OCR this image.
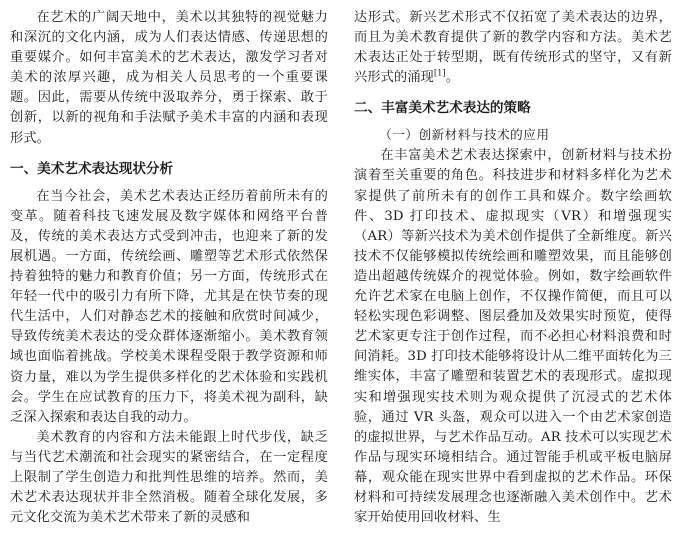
在艺术的广阔天地中，美术以其独特的视觉魅力和深沉的文化内涵，成为人们表达情感、传递思想的重要媒介。如何丰富美术的艺术表达，激发学习者对美术的浓厚兴趣，成为相关人员思考的一个重要课题。因此，需要从传统中汲取养分，勇于探索、敢于创新，以新的视角和手法赋予美术丰富的内涵和表现形式。

一、美术艺术表达现状分析

在当今社会，美术艺术表达正经历着前所未有的变革。随着科技飞速发展及数字媒体和网络平台普及，传统的美术表达方式受到冲击，也迎来了新的发展机遇。一方面，传统绘画、雕塑等艺术形式依然保持着独特的魅力和教育价值；另一方面，传统形式在年轻一代中的吸引力有所下降，尤其是在快节奏的现代生活中，人们对静态艺术的接触和欣赏时间减少，导致传统美术表达的受众群体逐渐缩小。美术教育领域也面临着挑战。学校美术课程受限于教学资源和师资力量，难以为学生提供多样化的艺术体验和实践机会。学生在应试教育的压力下，将美术视为副科，缺乏深入探索和表达自我的动力。

美术教育的内容和方法未能跟上时代步伐，缺乏与当代艺术潮流和社会现实的紧密结合，在一定程度上限制了学生创造力和批判性思维的培养。然而，美术艺术表达现状并非全然消极。随着全球化发展，多元文化交流为美术艺术带来了新的灵感和

达形式。新兴艺术形式不仅拓宽了美术表达的边界，而且为美术教育提供了新的教学内容和方法。美术艺术表达正处于转型期，既有传统形式的坚守，又有新兴形式的涌现[1]。

二、丰富美术艺术表达的策略
（一）创新材料与技术的应用

在丰富美术艺术表达探索中，创新材料与技术扮演着至关重要的角色。科技进步和材料多样化为艺术家提供了前所未有的创作工具和媒介。数字绘画软件、3D 打印技术、虚拟现实（VR）和增强现实（AR）等新兴技术为美术创作提供了全新维度。新兴技术不仅能够模拟传统绘画和雕塑效果，而且能够创造出超越传统媒介的视觉体验。例如，数字绘画软件允许艺术家在电脑上创作，不仅操作简便，而且可以轻松实现色彩调整、图层叠加及效果实时预览，使得艺术家更专注于创作过程，而不必担心材料浪费和时间消耗。3D 打印技术能够将设计从二维平面转化为三维实体，丰富了雕塑和装置艺术的表现形式。虚拟现实和增强现实技术则为观众提供了沉浸式的艺术体验，通过 VR 头盔，观众可以进入一个由艺术家创造的虚拟世界，与艺术作品互动。AR 技术可以实现艺术作品与现实环境相结合。通过智能手机或平板电脑屏幕，观众能在现实世界中看到虚拟的艺术作品。环保材料和可持续发展理念也逐渐融入美术创作中。艺术家开始使用回收材料、生
